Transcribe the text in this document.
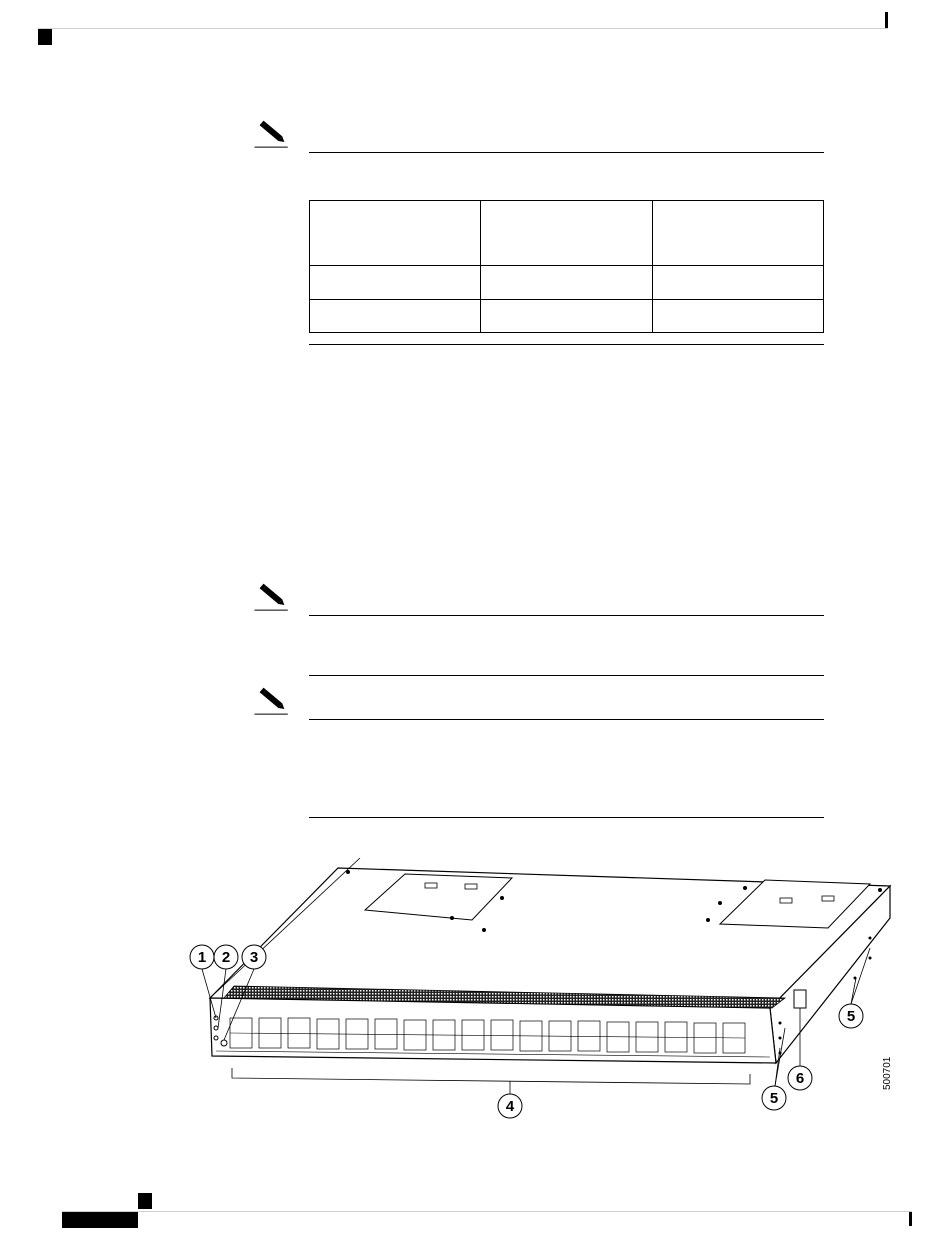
1 2 3
4
5
5
6	500701
